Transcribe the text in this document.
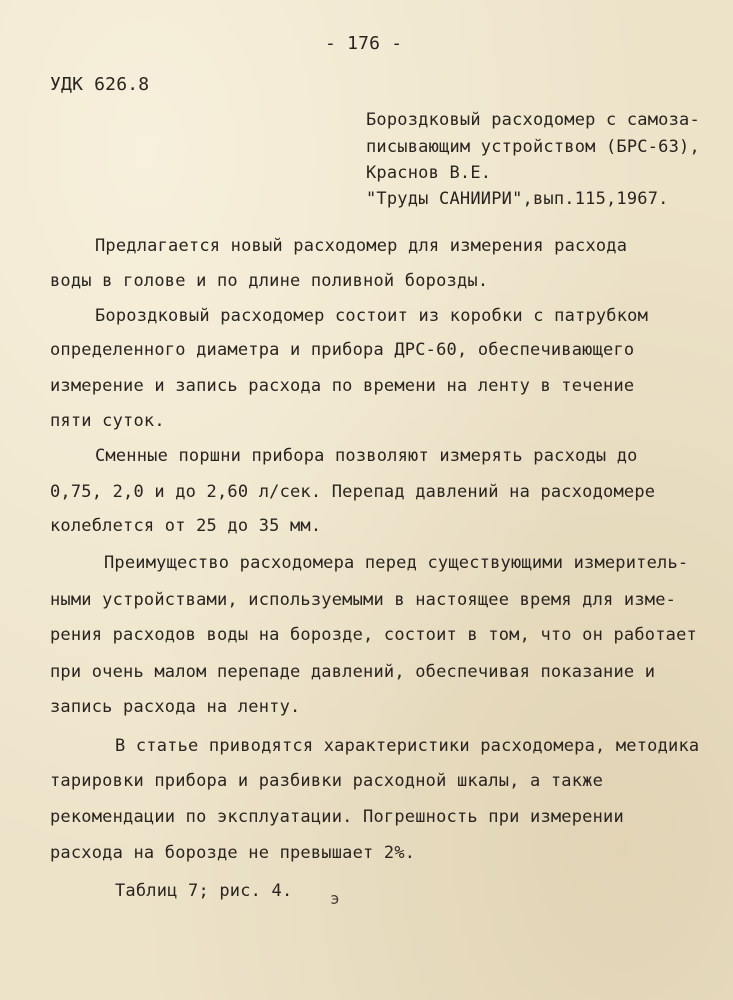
- 176 -
УДК 626.8
Бороздковый расходомер с самоза-
писывающим устройством (БРС-63),
Краснов В.Е.
"Труды САНИИРИ",вып.115,1967.
Предлагается новый расходомер для измерения расхода
воды в голове и по длине поливной борозды.
Бороздковый расходомер состоит из коробки с патрубком
определенного диаметра и прибора ДРС-60, обеспечивающего
измерение и запись расхода по времени на ленту в течение
пяти суток.
Сменные поршни прибора позволяют измерять расходы до
0,75, 2,0 и до 2,60 л/сек. Перепад давлений на расходомере
колеблется от 25 до 35 мм.
Преимущество расходомера перед существующими измеритель-
ными устройствами, используемыми в настоящее время для изме-
рения расходов воды на борозде, состоит в том, что он работает
при очень малом перепаде давлений, обеспечивая показание и
запись расхода на ленту.
В статье приводятся характеристики расходомера, методика
тарировки прибора и разбивки расходной шкалы, а также
рекомендации по эксплуатации. Погрешность при измерении
расхода на борозде не превышает 2%.
Таблиц 7; рис. 4. э
